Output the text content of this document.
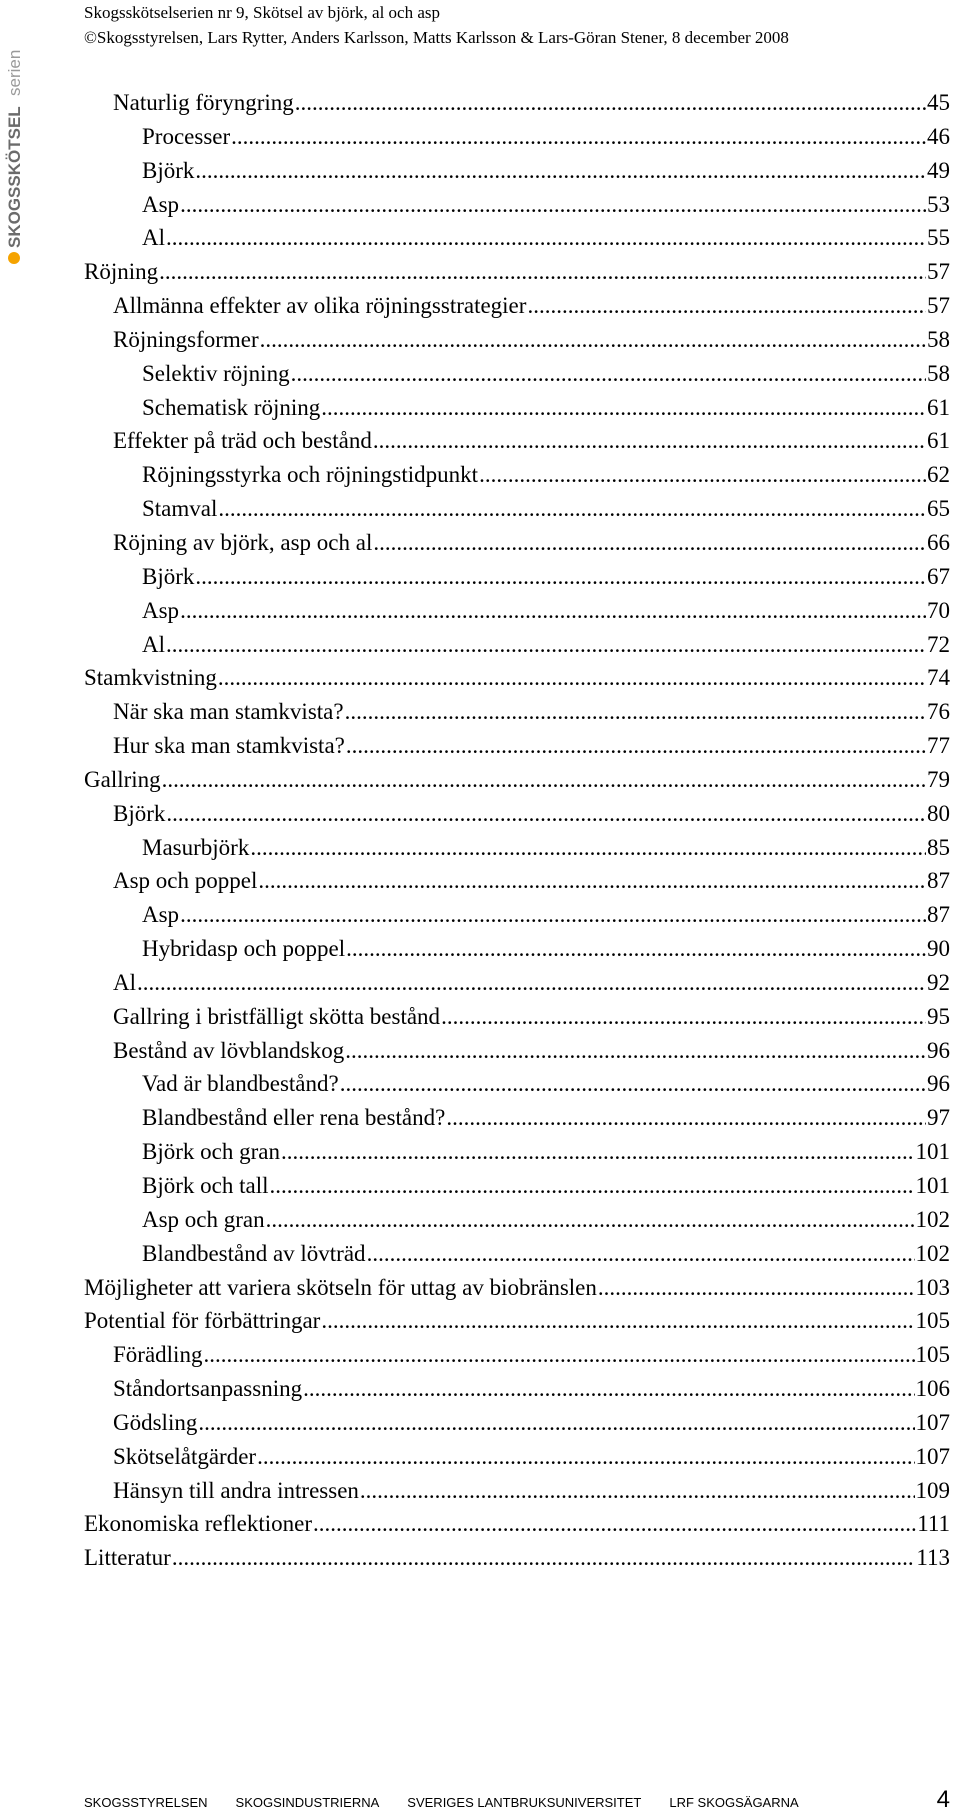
Skogsskötselserien nr 9, Skötsel av björk, al och asp
©Skogsstyrelsen, Lars Rytter, Anders Karlsson, Matts Karlsson & Lars-Göran Stener, 8 december 2008
SKOGSSKÖTSEL
serien
Naturlig föryngring .....	45
Processer .....	46
Björk .....	49
Asp .....	53
Al .....	55
Röjning .....	57
Allmänna effekter av olika röjningsstrategier .....	57
Röjningsformer .....	58
Selektiv röjning .....	58
Schematisk röjning .....	61
Effekter på träd och bestånd .....	61
Röjningsstyrka och röjningstidpunkt .....	62
Stamval .....	65
Röjning av björk, asp och al .....	66
Björk .....	67
Asp .....	70
Al .....	72
Stamkvistning .....	74
När ska man stamkvista? .....	76
Hur ska man stamkvista? .....	77
Gallring .....	79
Björk .....	80
Masurbjörk .....	85
Asp och poppel .....	87
Asp .....	87
Hybridasp och poppel .....	90
Al .....	92
Gallring i bristfälligt skötta bestånd .....	95
Bestånd av lövblandskog .....	96
Vad är blandbestånd? .....	96
Blandbestånd eller rena bestånd? .....	97
Björk och gran .....	101
Björk och tall .....	101
Asp och gran .....	102
Blandbestånd av lövträd .....	102
Möjligheter att variera skötseln för uttag av biobränslen .....	103
Potential för förbättringar .....	105
Förädling .....	105
Ståndortsanpassning .....	106
Gödsling .....	107
Skötselåtgärder .....	107
Hänsyn till andra intressen .....	109
Ekonomiska reflektioner .....	111
Litteratur .....	113
SKOGSSTYRELSEN SKOGSINDUSTRIERNA SVERIGES LANTBRUKSUNIVERSITET LRF SKOGSÄGARNA	4
